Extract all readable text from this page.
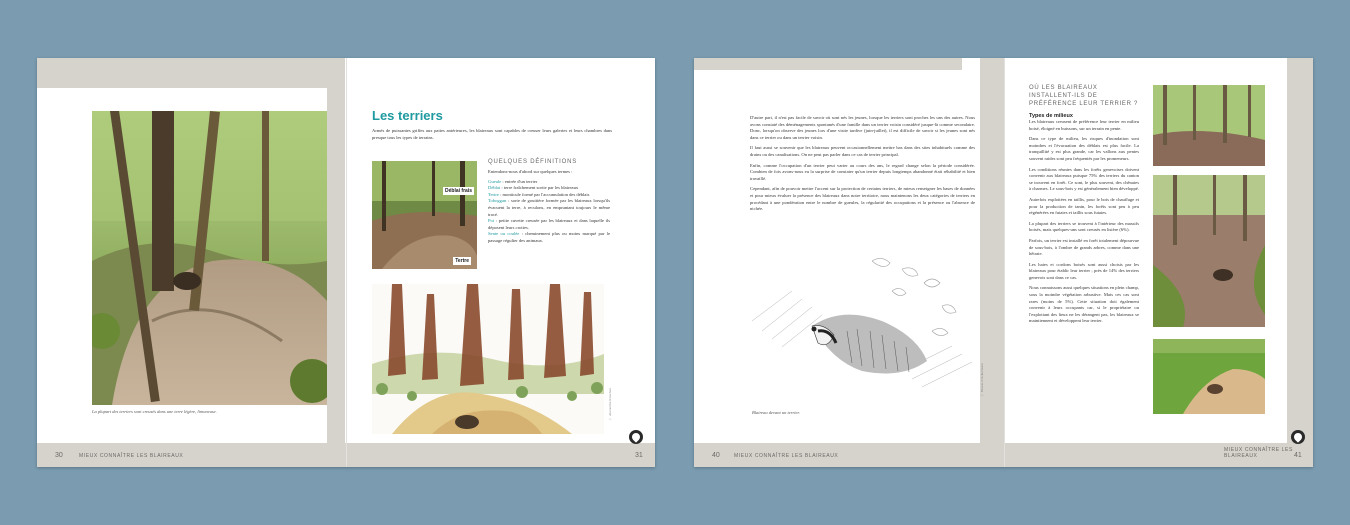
La plupart des terriers sont creusés dans une terre légère, limoneuse.
30	MIEUX CONNAÎTRE LES BLAIREAUX
Les terriers
Armés de puissantes griffes aux pattes antérieures, les blaireaux sont capables de creuser leurs galeries et leurs chambres dans presque tous les types de terrains.
Déblai frais
Tertre
QUELQUES DÉFINITIONS
Entendons-nous d'abord sur quelques termes :
Gueule : entrée d'un terrier
Déblai : terre fraîchement sortie par les blaireaux
Tertre : monticule formé par l'accumulation des déblais
Toboggan : sorte de gouttière formée par les blaireaux lorsqu'ils évacuent la terre, à reculons, en empruntant toujours le même tracé.
Pot : petite cuvette creusée par les blaireaux et dans laquelle ils déposent leurs crottes.
Sente ou coulée : cheminement plus ou moins marqué par le passage régulier des animaux.
© Alexandra Krischan
31
D'autre part, il n'est pas facile de savoir où sont nés les jeunes, lorsque les terriers sont proches les uns des autres. Nous avons constaté des déménagements spontanés d'une famille dans un terrier voisin considéré jusque-là comme secondaire. Donc, lorsqu'on observe des jeunes lors d'une visite tardive (juin-juillet), il est difficile de savoir si les jeunes sont nés dans ce terrier ou dans un terrier voisin.
Il faut aussi se souvenir que les blaireaux peuvent occasionnellement mettre bas dans des sites inhabituels comme des drains ou des canalisations. On ne peut pas parler dans ce cas de terrier principal.
Enfin, comme l'occupation d'un terrier peut varier au cours des ans, le regard change selon la période considérée. Combien de fois avons-nous eu la surprise de constater qu'un terrier depuis longtemps abandonné était réhabilité et bien travaillé.
Cependant, afin de pouvoir mettre l'accent sur la protection de certains terriers, de mieux renseigner les bases de données et pour mieux évaluer la présence des blaireaux dans notre territoire, nous maintenons les deux catégories de terriers en procédant à une pondération entre le nombre de gueules, la régularité des occupations et la présence ou l'absence de nichée.
Blaireau devant un terrier.
© Dessin d'Ackermann
40	MIEUX CONNAÎTRE LES BLAIREAUX
OÙ LES BLAIREAUX INSTALLENT-ILS DE PRÉFÉRENCE LEUR TERRIER ?
Types de milieux
Les blaireaux creusent de préférence leur terrier en milieu boisé, éloigné en buissons, sur un terrain en pente.
Dans ce type de milieu, les risques d'inondation sont moindres et l'évacuation des déblais est plus facile. La tranquillité y est plus grande, car les vallons aux pentes souvent raides sont peu fréquentés par les promeneurs.
Les conditions réunies dans les forêts genevoises doivent convenir aux blaireaux puisque 75% des terriers du canton se trouvent en forêt. Ce sont, le plus souvent, des chênaies à charmes. Le sous-bois y est généralement bien développé.
Autrefois exploitées en taillis, pour le bois de chauffage et pour la production de tanin, les forêts sont peu à peu régénérées en futaies et taillis sous futaies.
La plupart des terriers se trouvent à l'intérieur des massifs boisés, mais quelques-uns sont creusés en lisière (6%).
Parfois, un terrier est installé en forêt totalement dépourvue de sous-bois, à l'ombre de grands arbres, comme dans une hêtraie.
Les haies et cordons boisés sont aussi choisis par les blaireaux pour établir leur terrier ; près de 14% des terriers genevois sont dans ce cas.
Nous connaissons aussi quelques situations en plein champ, sous la moindre végétation arbustive. Mais ces cas sont rares (moins de 5%). Cette situation doit également convenir à leurs occupants car, si le propriétaire ou l'exploitant des lieux ne les dérangent pas, les blaireaux se maintiennent et développent leur terrier.
MIEUX CONNAÎTRE LES BLAIREAUX	41
